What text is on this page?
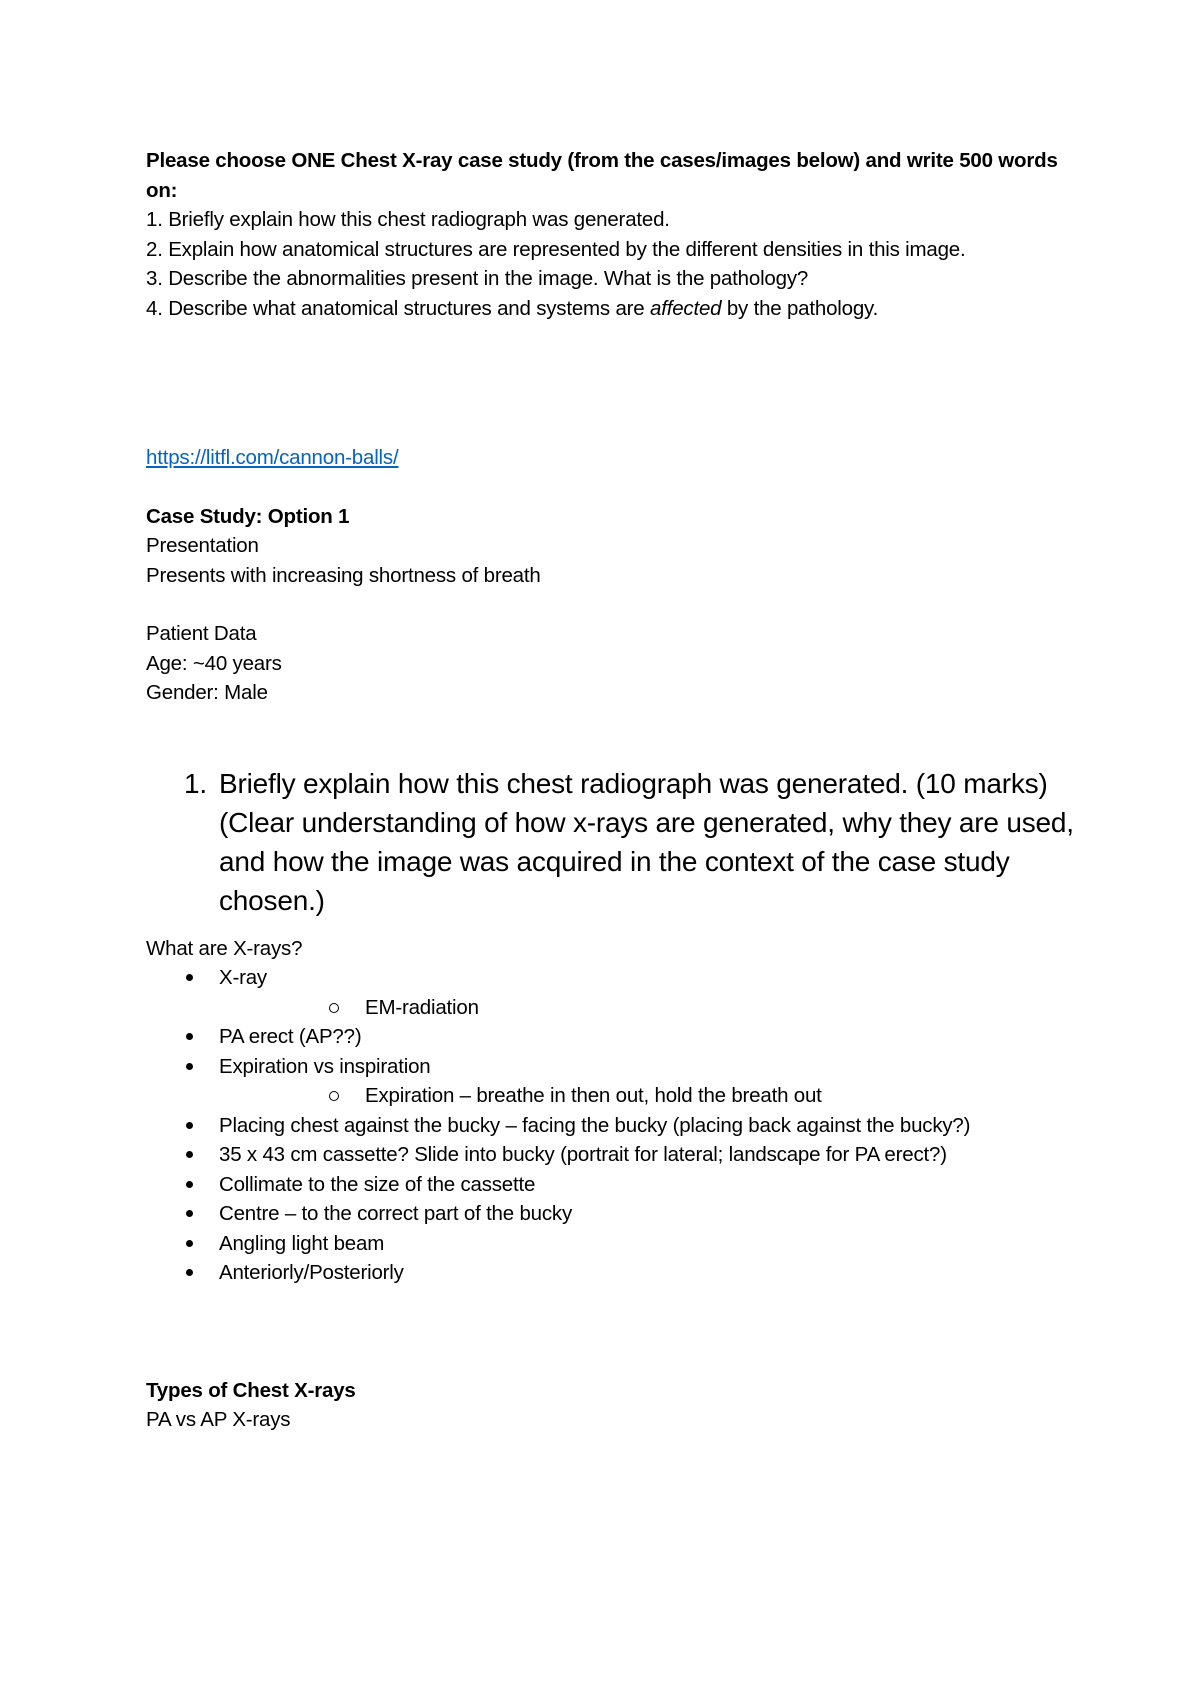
Please choose ONE Chest X-ray case study (from the cases/images below) and write 500 words on:

1. Briefly explain how this chest radiograph was generated.

2. Explain how anatomical structures are represented by the different densities in this image.

3. Describe the abnormalities present in the image. What is the pathology?

4. Describe what anatomical structures and systems are affected by the pathology.

https://litfl.com/cannon-balls/

Case Study: Option 1

Presentation

Presents with increasing shortness of breath

Patient Data

Age: ~40 years

Gender: Male

1. Briefly explain how this chest radiograph was generated. (10 marks)
(Clear understanding of how x-rays are generated, why they are used, and how the image was acquired in the context of the case study chosen.)

What are X-rays?

X-ray
EM-radiation
PA erect (AP??)
Expiration vs inspiration
Expiration – breathe in then out, hold the breath out
Placing chest against the bucky – facing the bucky (placing back against the bucky?)
35 x 43 cm cassette? Slide into bucky (portrait for lateral; landscape for PA erect?)
Collimate to the size of the cassette
Centre – to the correct part of the bucky
Angling light beam
Anteriorly/Posteriorly

Types of Chest X-rays

PA vs AP X-rays
